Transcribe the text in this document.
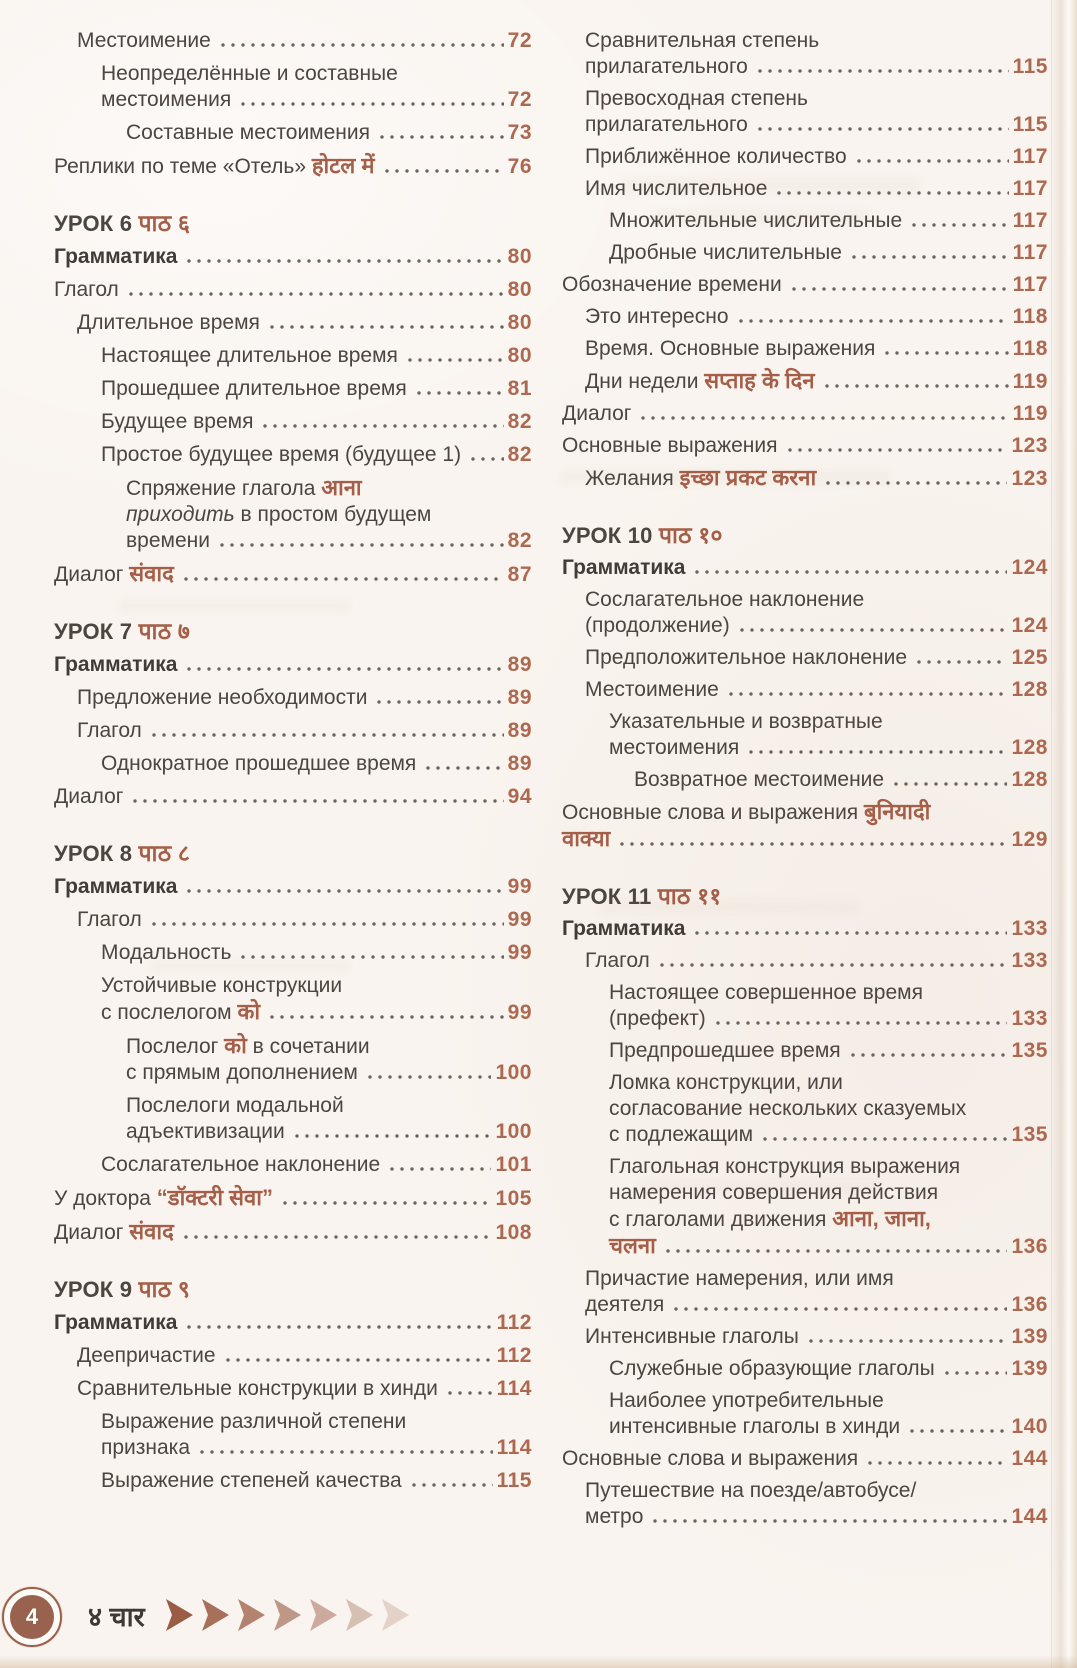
Местоимение	72
Неопределённые и составные
местоимения	72
Составные местоимения	73
Реплики по теме «Отель» होटल में	76
УРОК 6 पाठ ६
Грамматика	80
Глагол	80
Длительное время	80
Настоящее длительное время	80
Прошедшее длительное время	81
Будущее время	82
Простое будущее время (будущее 1) 82
Спряжение глагола आना
приходить в простом будущем
времени	82
Диалог संवाद	87
УРОК 7 पाठ ७
Грамматика	89
Предложение необходимости	89
Глагол	89
Однократное прошедшее время	89
Диалог	94
УРОК 8 पाठ ८
Грамматика	99
Глагол	99
Модальность	99
Устойчивые конструкции
с послелогом को	99
Послелог को в сочетании
с прямым дополнением	100
Послелоги модальной
адъективизации	100
Сослагательное наклонение	101
У доктора “डॉक्टरी सेवा”	105
Диалог संवाद	108
УРОК 9 पाठ ९
Грамматика	112
Деепричастие	112
Сравнительные конструкции в хинди	114
Выражение различной степени
признака	114
Выражение степеней качества	115
Сравнительная степень
прилагательного	115
Превосходная степень
прилагательного	115
Приближённое количество	117
Имя числительное	117
Множительные числительные	117
Дробные числительные	117
Обозначение времени	117
Это интересно	118
Время. Основные выражения	118
Дни недели सप्ताह के दिन	119
Диалог	119
Основные выражения	123
Желания इच्छा प्रकट करना	123
УРОК 10 पाठ १०
Грамматика	124
Сослагательное наклонение
(продолжение)	124
Предположительное наклонение	125
Местоимение	128
Указательные и возвратные
местоимения	128
Возвратное местоимение	128
Основные слова и выражения बुनियादी
वाक्या	129
УРОК 11 पाठ ११
Грамматика	133
Глагол	133
Настоящее совершенное время
(префект)	133
Предпрошедшее время	135
Ломка конструкции, или
согласование нескольких сказуемых
с подлежащим	135
Глагольная конструкция выражения
намерения совершения действия
с глаголами движения आना, जाना,
चलना	136
Причастие намерения, или имя
деятеля	136
Интенсивные глаголы	139
Служебные образующие глаголы	139
Наиболее употребительные
интенсивные глаголы в хинди	140
Основные слова и выражения	144
Путешествие на поезде/автобусе/
метро	144
4	४ चार
